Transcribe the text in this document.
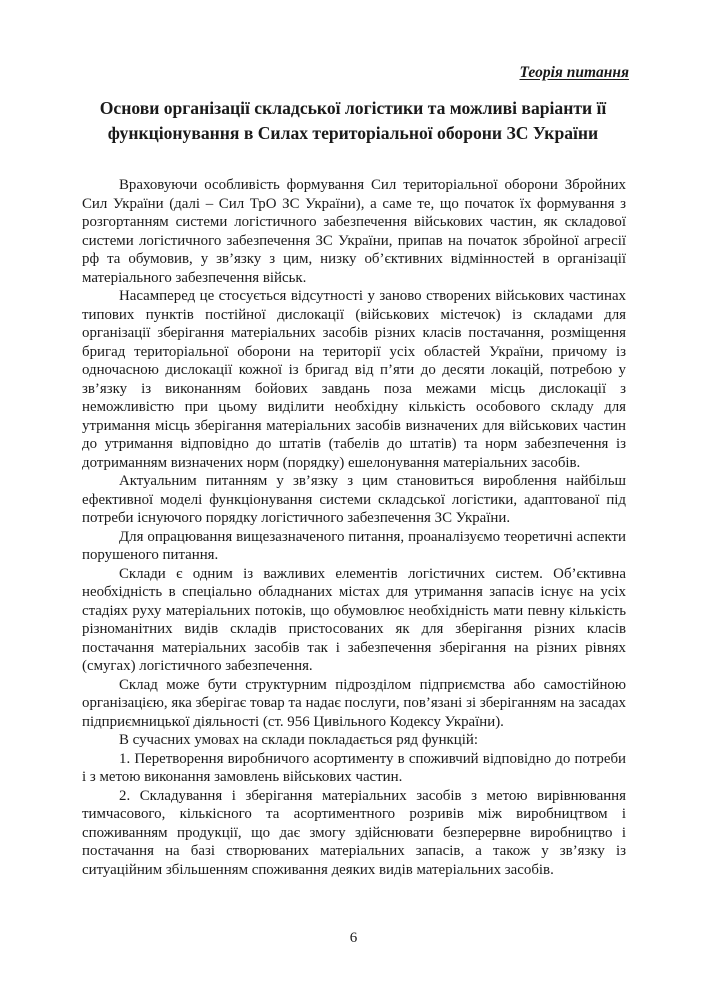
Теорія питання
Основи організації складської логістики та можливі варіанти її функціонування в Силах територіальної оборони ЗС України

Враховуючи особливість формування Сил територіальної оборони Збройних Сил України (далі – Сил ТрО ЗС України), а саме те, що початок їх формування з розгортанням системи логістичного забезпечення військових частин, як складової системи логістичного забезпечення ЗС України, припав на початок збройної агресії рф та обумовив, у зв’язку з цим, низку об’єктивних відмінностей в організації матеріального забезпечення військ.

Насамперед це стосується відсутності у заново створених військових частинах типових пунктів постійної дислокації (військових містечок) із складами для організації зберігання матеріальних засобів різних класів постачання, розміщення бригад територіальної оборони на території усіх областей України, причому із одночасною дислокації кожної із бригад від п’яти до десяти локацій, потребою у зв’язку із виконанням бойових завдань поза межами місць дислокації з неможливістю при цьому виділити необхідну кількість особового складу для утримання місць зберігання матеріальних засобів визначених для військових частин до утримання відповідно до штатів (табелів до штатів) та норм забезпечення із дотриманням визначених норм (порядку) ешелонування матеріальних засобів.

Актуальним питанням у зв’язку з цим становиться вироблення найбільш ефективної моделі функціонування системи складської логістики, адаптованої під потреби існуючого порядку логістичного забезпечення ЗС України.

Для опрацювання вищезазначеного питання, проаналізуємо теоретичні аспекти порушеного питання.

Склади є одним із важливих елементів логістичних систем. Об’єктивна необхідність в спеціально обладнаних містах для утримання запасів існує на усіх стадіях руху матеріальних потоків, що обумовлює необхідність мати певну кількість різноманітних видів складів пристосованих як для зберігання різних класів постачання матеріальних засобів так і забезпечення зберігання на різних рівнях (смугах) логістичного забезпечення.

Склад може бути структурним підрозділом підприємства або самостійною організацією, яка зберігає товар та надає послуги, пов’язані зі зберіганням на засадах підприємницької діяльності (ст. 956 Цивільного Кодексу України).

В сучасних умовах на склади покладається ряд функцій:

1. Перетворення виробничого асортименту в споживчий відповідно до потреби і з метою виконання замовлень військових частин.

2. Складування і зберігання матеріальних засобів з метою вирівнювання тимчасового, кількісного та асортиментного розривів між виробництвом і споживанням продукції, що дає змогу здійснювати безперервне виробництво і постачання на базі створюваних матеріальних запасів, а також у зв’язку із ситуаційним збільшенням споживання деяких видів матеріальних засобів.

6
